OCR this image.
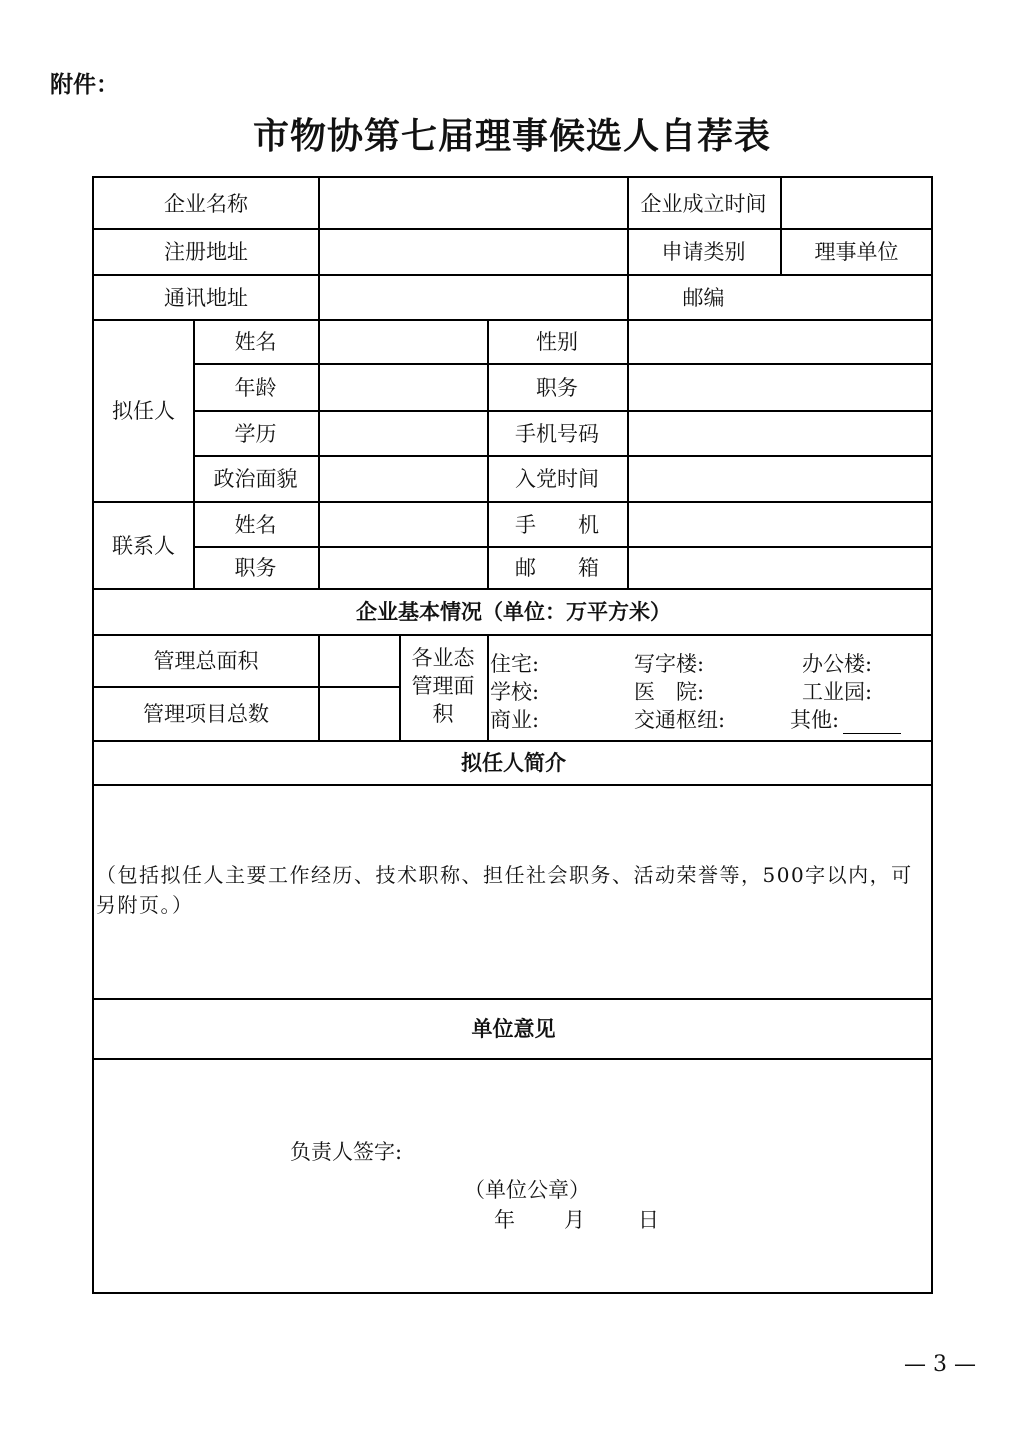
附件：
市物协第七届理事候选人自荐表
企业名称	企业成立时间
注册地址	申请类别	理事单位
通讯地址	邮编
拟任人
姓名	性别
年龄	职务
学历	手机号码
政治面貌	入党时间
联系人
姓名	手　　机
职务	邮　　箱
企业基本情况（单位：万平方米）
管理总面积
管理项目总数
各业态管理面积
住宅:	写字楼:	办公楼:
学校:	医　院:	工业园:
商业:	交通枢纽:	其他:
拟任人简介
单位意见
负责人签字:
（单位公章）
年 月	日
（包括拟任人主要工作经历、技术职称、担任社会职务、活动荣誉等，500字以内，可另附页。）
— 3 —
